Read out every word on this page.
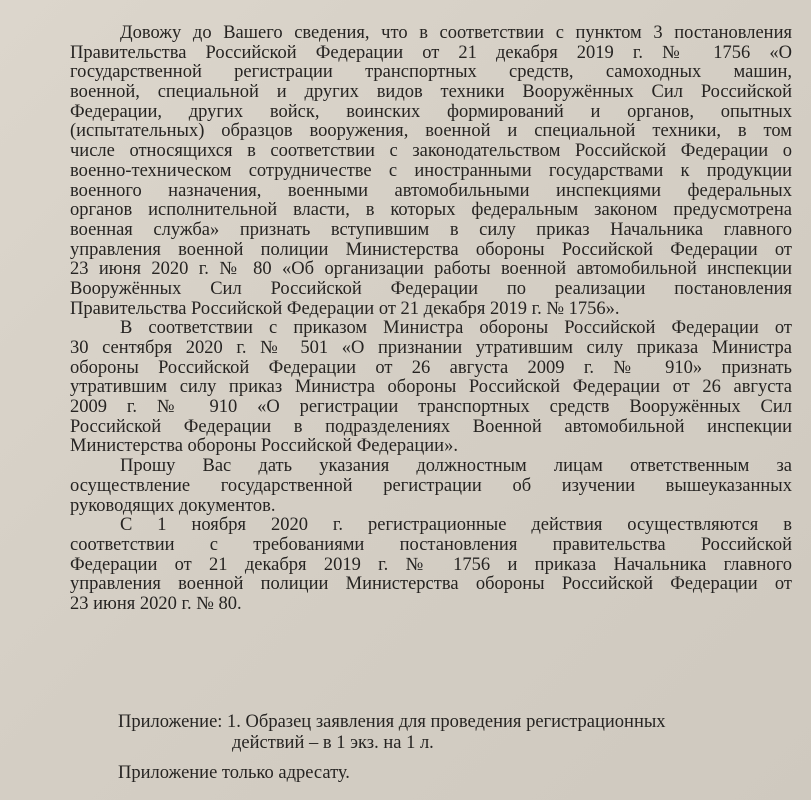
Довожу до Вашего сведения, что в соответствии с пунктом 3 постановления
Правительства Российской Федерации от 21 декабря 2019 г. № 1756 «О
государственной регистрации транспортных средств, самоходных машин,
военной, специальной и других видов техники Вооружённых Сил Российской
Федерации, других войск, воинских формирований и органов, опытных
(испытательных) образцов вооружения, военной и специальной техники, в том
числе относящихся в соответствии с законодательством Российской Федерации о
военно-техническом сотрудничестве с иностранными государствами к продукции
военного назначения, военными автомобильными инспекциями федеральных
органов исполнительной власти, в которых федеральным законом предусмотрена
военная служба» признать вступившим в силу приказ Начальника главного
управления военной полиции Министерства обороны Российской Федерации от
23 июня 2020 г. № 80 «Об организации работы военной автомобильной инспекции
Вооружённых Сил Российской Федерации по реализации постановления
Правительства Российской Федерации от 21 декабря 2019 г. № 1756».
В соответствии с приказом Министра обороны Российской Федерации от
30 сентября 2020 г. № 501 «О признании утратившим силу приказа Министра
обороны Российской Федерации от 26 августа 2009 г. № 910» признать
утратившим силу приказ Министра обороны Российской Федерации от 26 августа
2009 г. № 910 «О регистрации транспортных средств Вооружённых Сил
Российской Федерации в подразделениях Военной автомобильной инспекции
Министерства обороны Российской Федерации».
Прошу Вас дать указания должностным лицам ответственным за
осуществление государственной регистрации об изучении вышеуказанных
руководящих документов.
С 1 ноября 2020 г. регистрационные действия осуществляются в
соответствии с требованиями постановления правительства Российской
Федерации от 21 декабря 2019 г. № 1756 и приказа Начальника главного
управления военной полиции Министерства обороны Российской Федерации от
23 июня 2020 г. № 80.
Приложение: 1. Образец заявления для проведения регистрационных
действий – в 1 экз. на 1 л.
Приложение только адресату.
